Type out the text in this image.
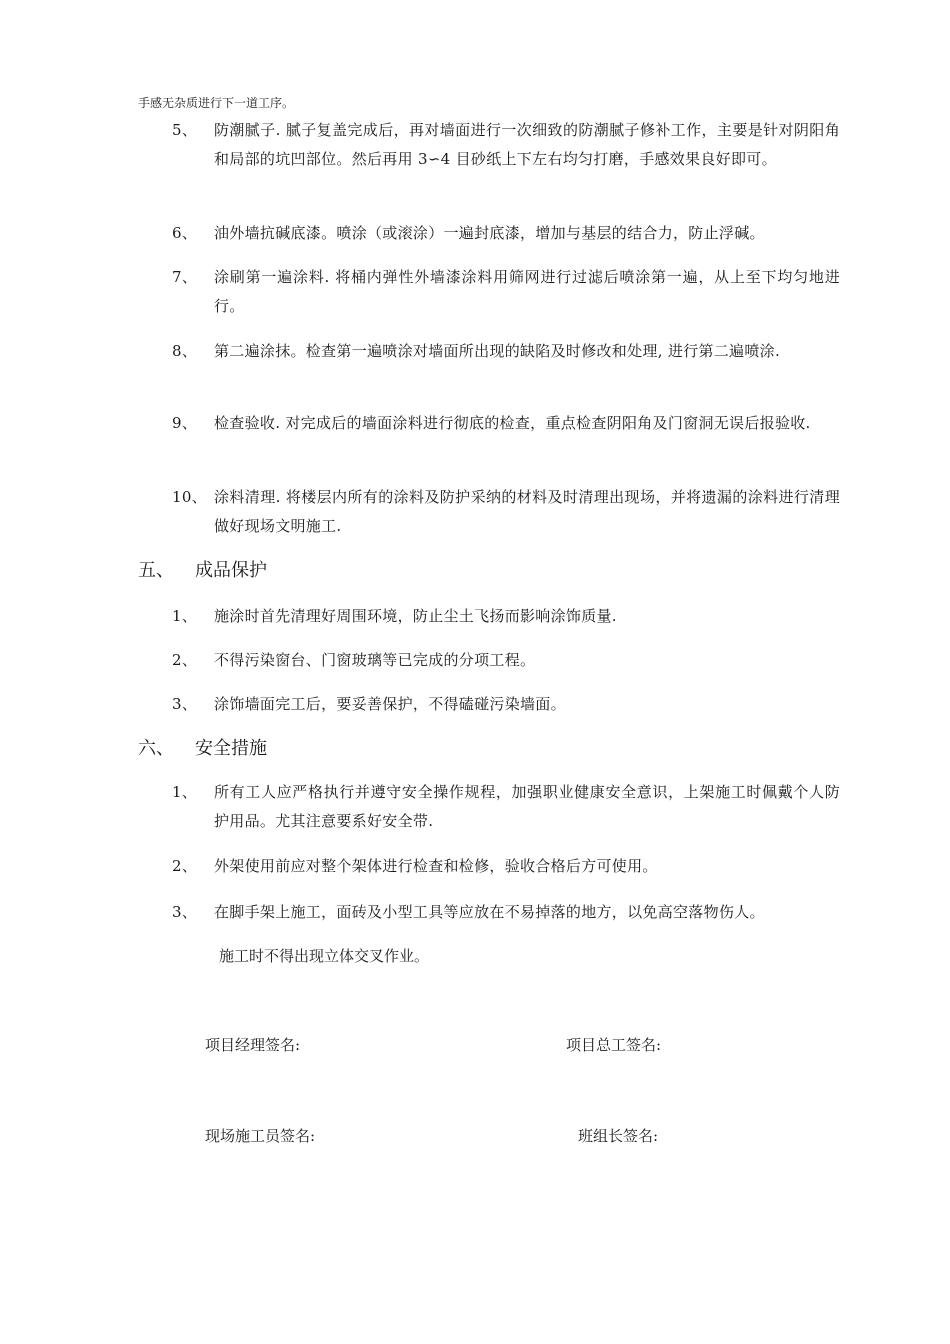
手感无杂质进行下一道工序。
5、 防潮腻子. 腻子复盖完成后，再对墙面进行一次细致的防潮腻子修补工作，主要是针对阴阳角和局部的坑凹部位。然后再用 3∽4 目砂纸上下左右均匀打磨，手感效果良好即可。
6、 油外墙抗碱底漆。喷涂（或滚涂）一遍封底漆，增加与基层的结合力，防止浮碱。
7、 涂刷第一遍涂料. 将桶内弹性外墙漆涂料用筛网进行过滤后喷涂第一遍，从上至下均匀地进行。
8、 第二遍涂抹。检查第一遍喷涂对墙面所出现的缺陷及时修改和处理, 进行第二遍喷涂.
9、 检查验收. 对完成后的墙面涂料进行彻底的检查，重点检查阴阳角及门窗洞无误后报验收.
10、 涂料清理. 将楼层内所有的涂料及防护采纳的材料及时清理出现场，并将遗漏的涂料进行清理做好现场文明施工.
五、 成品保护
1、 施涂时首先清理好周围环境，防止尘土飞扬而影响涂饰质量.
2、 不得污染窗台、门窗玻璃等已完成的分项工程。
3、 涂饰墙面完工后，要妥善保护，不得磕碰污染墙面。
六、 安全措施
1、 所有工人应严格执行并遵守安全操作规程，加强职业健康安全意识，上架施工时佩戴个人防护用品。尤其注意要系好安全带.
2、 外架使用前应对整个架体进行检查和检修，验收合格后方可使用。
3、 在脚手架上施工，面砖及小型工具等应放在不易掉落的地方，以免高空落物伤人。
施工时不得出现立体交叉作业。
项目经理签名:	项目总工签名:
现场施工员签名:	班组长签名:
